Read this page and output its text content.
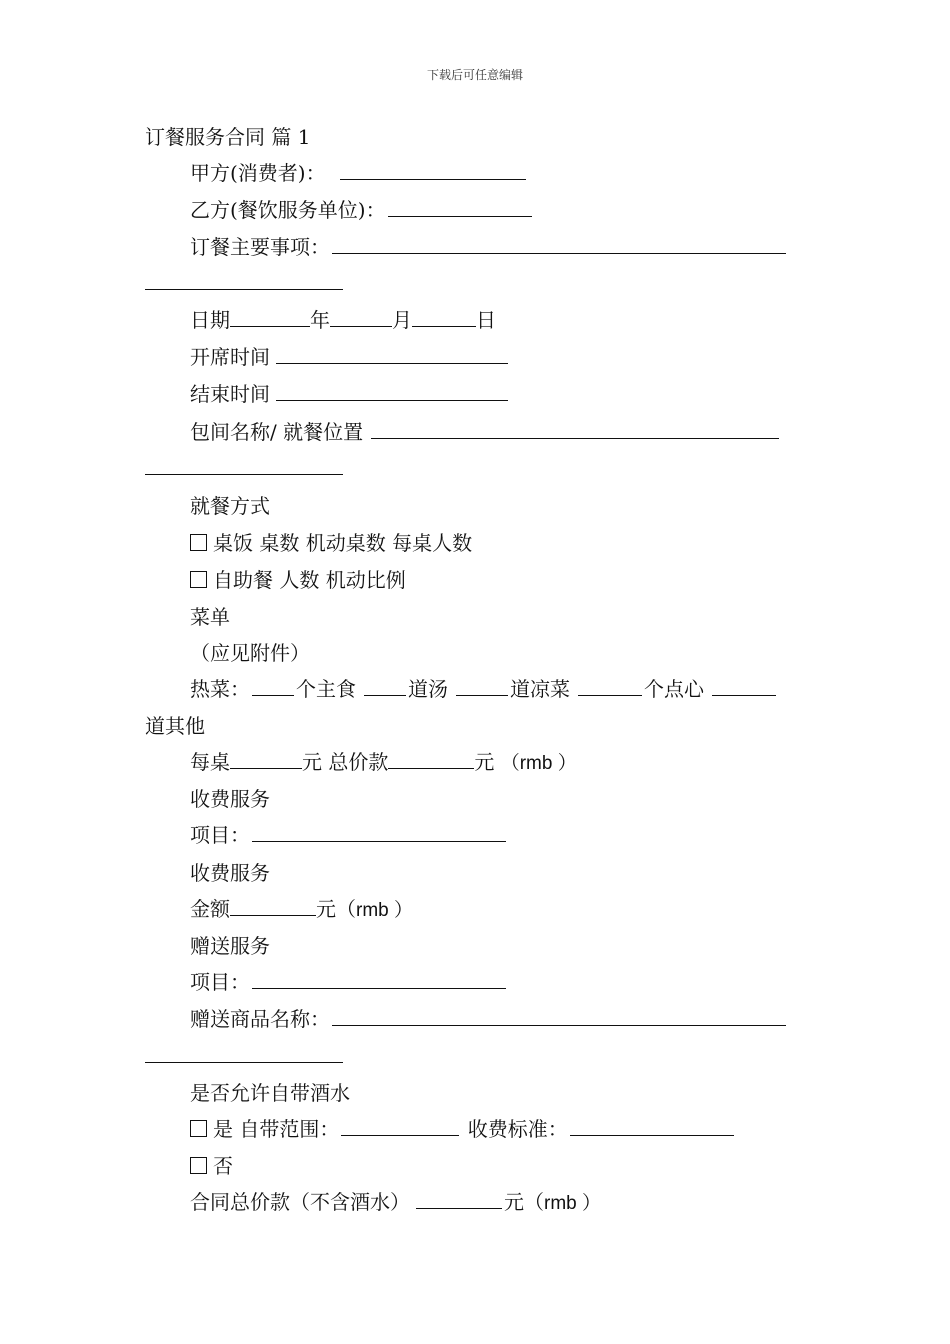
下载后可任意编辑
订餐服务合同 篇 1
甲方(消费者)：
乙方(餐饮服务单位)：
订餐主要事项：
日期	年	月	日
开席时间
结束时间
包间名称/ 就餐位置
就餐方式
桌饭 桌数 机动桌数 每桌人数
自助餐 人数 机动比例
菜单
（应见附件）
热菜： 个主食	道汤	道凉菜	个点心
道其他
每桌	元 总价款	元 （rmb ）
收费服务
项目：
收费服务
金额	元（rmb ）
赠送服务
项目：
赠送商品名称：
是否允许自带酒水
是 自带范围：	收费标准：
否
合同总价款（不含酒水）	元（rmb ）
